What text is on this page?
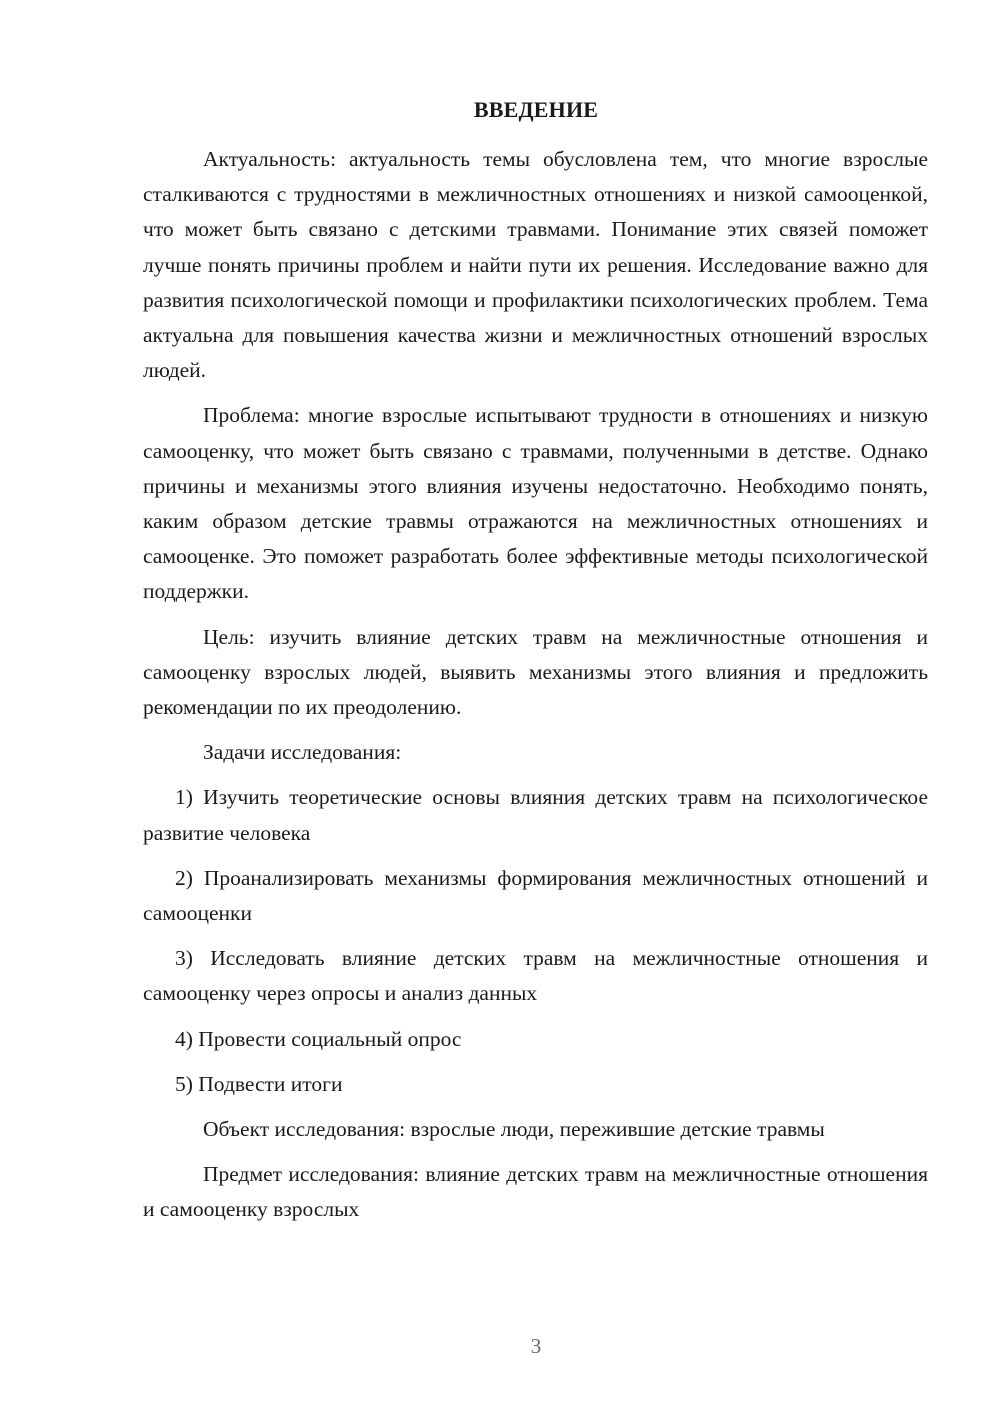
ВВЕДЕНИЕ

Актуальность: актуальность темы обусловлена тем, что многие взрослые сталкиваются с трудностями в межличностных отношениях и низкой самооценкой, что может быть связано с детскими травмами. Понимание этих связей поможет лучше понять причины проблем и найти пути их решения. Исследование важно для развития психологической помощи и профилактики психологических проблем. Тема актуальна для повышения качества жизни и межличностных отношений взрослых людей.

Проблема: многие взрослые испытывают трудности в отношениях и низкую самооценку, что может быть связано с травмами, полученными в детстве. Однако причины и механизмы этого влияния изучены недостаточно. Необходимо понять, каким образом детские травмы отражаются на межличностных отношениях и самооценке. Это поможет разработать более эффективные методы психологической поддержки.

Цель: изучить влияние детских травм на межличностные отношения и самооценку взрослых людей, выявить механизмы этого влияния и предложить рекомендации по их преодолению.

Задачи исследования:

1) Изучить теоретические основы влияния детских травм на психологическое развитие человека

2) Проанализировать механизмы формирования межличностных отношений и самооценки

3) Исследовать влияние детских травм на межличностные отношения и самооценку через опросы и анализ данных

4) Провести социальный опрос

5) Подвести итоги

Объект исследования: взрослые люди, пережившие детские травмы

Предмет исследования: влияние детских травм на межличностные отношения и самооценку взрослых

3
